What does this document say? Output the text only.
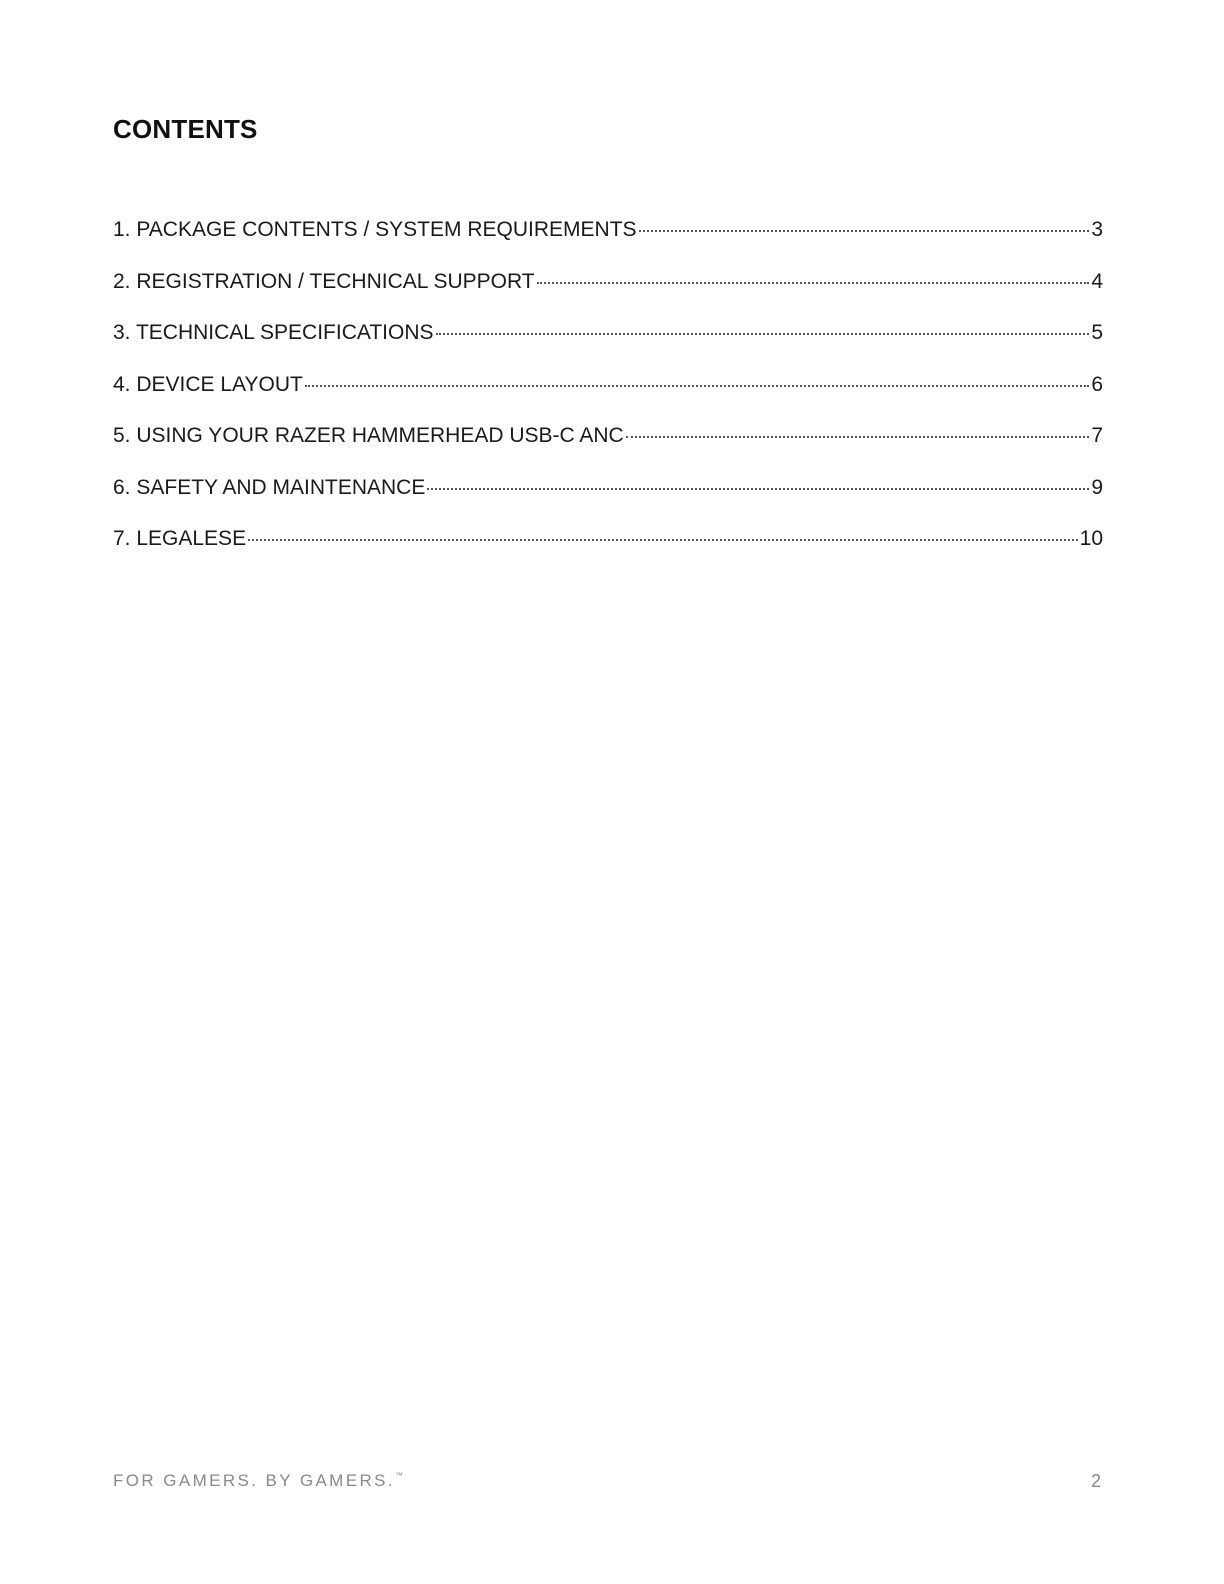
CONTENTS
1. PACKAGE CONTENTS / SYSTEM REQUIREMENTS	3
2. REGISTRATION / TECHNICAL SUPPORT	4
3. TECHNICAL SPECIFICATIONS	5
4. DEVICE LAYOUT	6
5. USING YOUR RAZER HAMMERHEAD USB-C ANC	7
6. SAFETY AND MAINTENANCE	9
7. LEGALESE	10
FOR GAMERS. BY GAMERS.™	2
